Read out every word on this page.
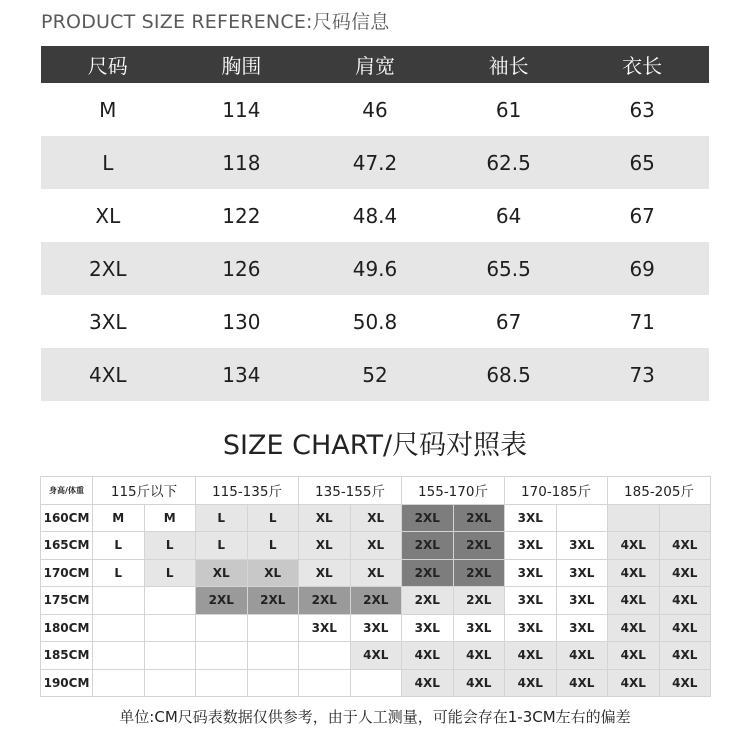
PRODUCT SIZE REFERENCE:尺码信息
尺码	胸围	肩宽	袖长	衣长
M	114	46	61	63
L	118	47.2	62.5	65
XL	122	48.4	64	67
2XL	126	49.6	65.5	69
3XL	130	50.8	67	71
4XL	134	52	68.5	73
SIZE CHART/尺码对照表
身高/体重	115斤以下		115-135斤		135-155斤		155-170斤		170-185斤		185-205斤	
160CM	M	M	L	L	XL	XL	2XL	2XL	3XL			
165CM	L	L	L	L	XL	XL	2XL	2XL	3XL	3XL	4XL	4XL
170CM	L	L	XL	XL	XL	XL	2XL	2XL	3XL	3XL	4XL	4XL
175CM			2XL	2XL	2XL	2XL	2XL	2XL	3XL	3XL	4XL	4XL
180CM					3XL	3XL	3XL	3XL	3XL	3XL	4XL	4XL
185CM						4XL	4XL	4XL	4XL	4XL	4XL	4XL
190CM							4XL	4XL	4XL	4XL	4XL	4XL
单位:CM尺码表数据仅供参考，由于人工测量，可能会存在1-3CM左右的偏差
